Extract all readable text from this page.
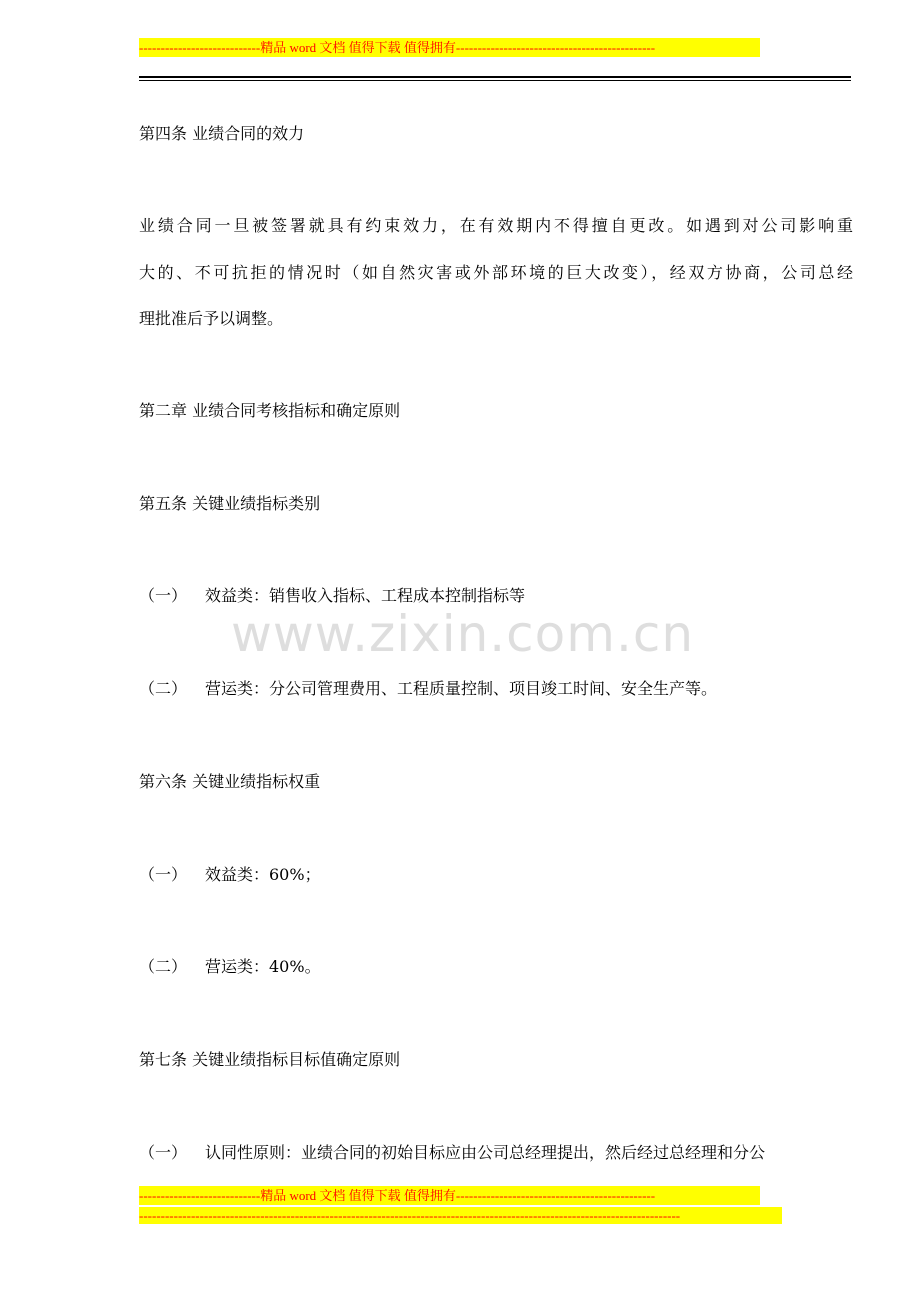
----------------------------精品 word 文档 值得下载 值得拥有----------------------------------------------
第四条 业绩合同的效力
业绩合同一旦被签署就具有约束效力，在有效期内不得擅自更改。如遇到对公司影响重
大的、不可抗拒的情况时（如自然灾害或外部环境的巨大改变），经双方协商，公司总经
理批准后予以调整。
第二章 业绩合同考核指标和确定原则
第五条 关键业绩指标类别
（一） 效益类：销售收入指标、工程成本控制指标等
www.zixin.com.cn
（二） 营运类：分公司管理费用、工程质量控制、项目竣工时间、安全生产等。
第六条 关键业绩指标权重
（一） 效益类：60%；
（二） 营运类：40%。
第七条 关键业绩指标目标值确定原则
（一） 认同性原则：业绩合同的初始目标应由公司总经理提出，然后经过总经理和分公
----------------------------精品 word 文档 值得下载 值得拥有----------------------------------------------
-----------------------------------------------------------------------------------------------------------------------------
